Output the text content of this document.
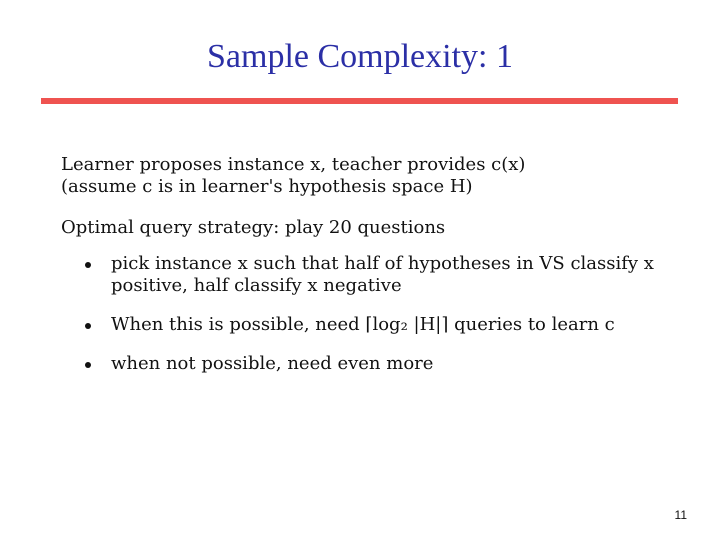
Sample Complexity: 1

Learner proposes instance x, teacher provides c(x)
(assume c is in learner's hypothesis space H)

Optimal query strategy: play 20 questions

pick instance x such that half of hypotheses in VS classify x
positive, half classify x negative
When this is possible, need ⌈log₂ |H|⌉ queries to learn c
when not possible, need even more
11
